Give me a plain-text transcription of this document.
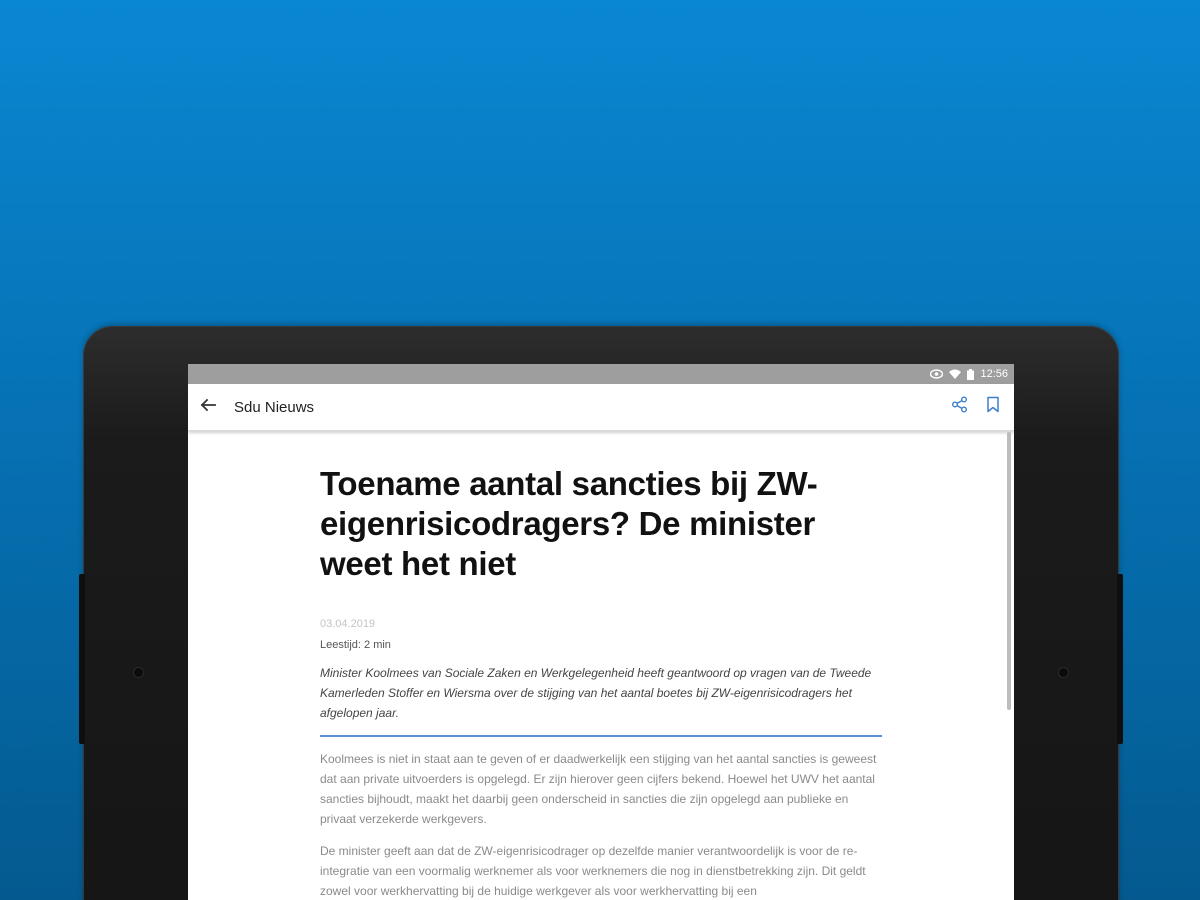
12:56
Sdu Nieuws
Toename aantal sancties bij ZW-eigenrisicodragers? De minister weet het niet
03.04.2019
Leestijd: 2 min
Minister Koolmees van Sociale Zaken en Werkgelegenheid heeft geantwoord op vragen van de Tweede Kamerleden Stoffer en Wiersma over de stijging van het aantal boetes bij ZW-eigenrisicodragers het afgelopen jaar.
Koolmees is niet in staat aan te geven of er daadwerkelijk een stijging van het aantal sancties is geweest dat aan private uitvoerders is opgelegd. Er zijn hierover geen cijfers bekend. Hoewel het UWV het aantal sancties bijhoudt, maakt het daarbij geen onderscheid in sancties die zijn opgelegd aan publieke en privaat verzekerde werkgevers.
De minister geeft aan dat de ZW-eigenrisicodrager op dezelfde manier verantwoordelijk is voor de re-integratie van een voormalig werknemer als voor werknemers die nog in dienstbetrekking zijn. Dit geldt zowel voor werkhervatting bij de huidige werkgever als voor werkhervatting bij een
